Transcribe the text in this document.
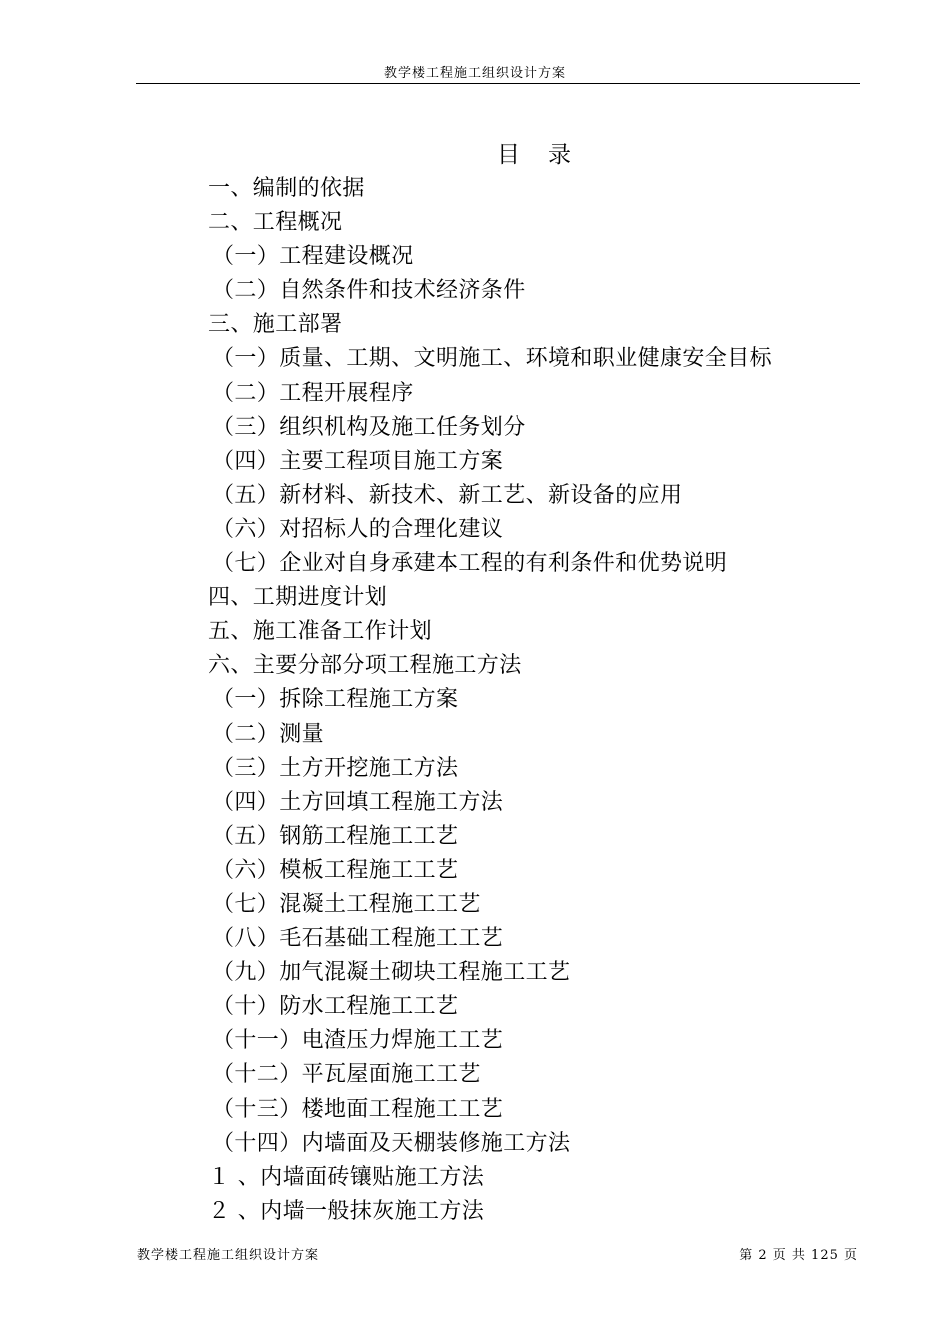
教学楼工程施工组织设计方案
目 录
一、编制的依据
二、工程概况
（一）工程建设概况
（二）自然条件和技术经济条件
三、施工部署
（一）质量、工期、文明施工、环境和职业健康安全目标
（二）工程开展程序
（三）组织机构及施工任务划分
（四）主要工程项目施工方案
（五）新材料、新技术、新工艺、新设备的应用
（六）对招标人的合理化建议
（七）企业对自身承建本工程的有利条件和优势说明
四、工期进度计划
五、施工准备工作计划
六、主要分部分项工程施工方法
（一）拆除工程施工方案
（二）测量
（三）土方开挖施工方法
（四）土方回填工程施工方法
（五）钢筋工程施工工艺
（六）模板工程施工工艺
（七）混凝土工程施工工艺
（八）毛石基础工程施工工艺
（九）加气混凝土砌块工程施工工艺
（十）防水工程施工工艺
（十一）电渣压力焊施工工艺
（十二）平瓦屋面施工工艺
（十三）楼地面工程施工工艺
（十四）内墙面及天棚装修施工方法
１ 、内墙面砖镶贴施工方法
２ 、内墙一般抹灰施工方法
教学楼工程施工组织设计方案	第 2 页 共 125 页
